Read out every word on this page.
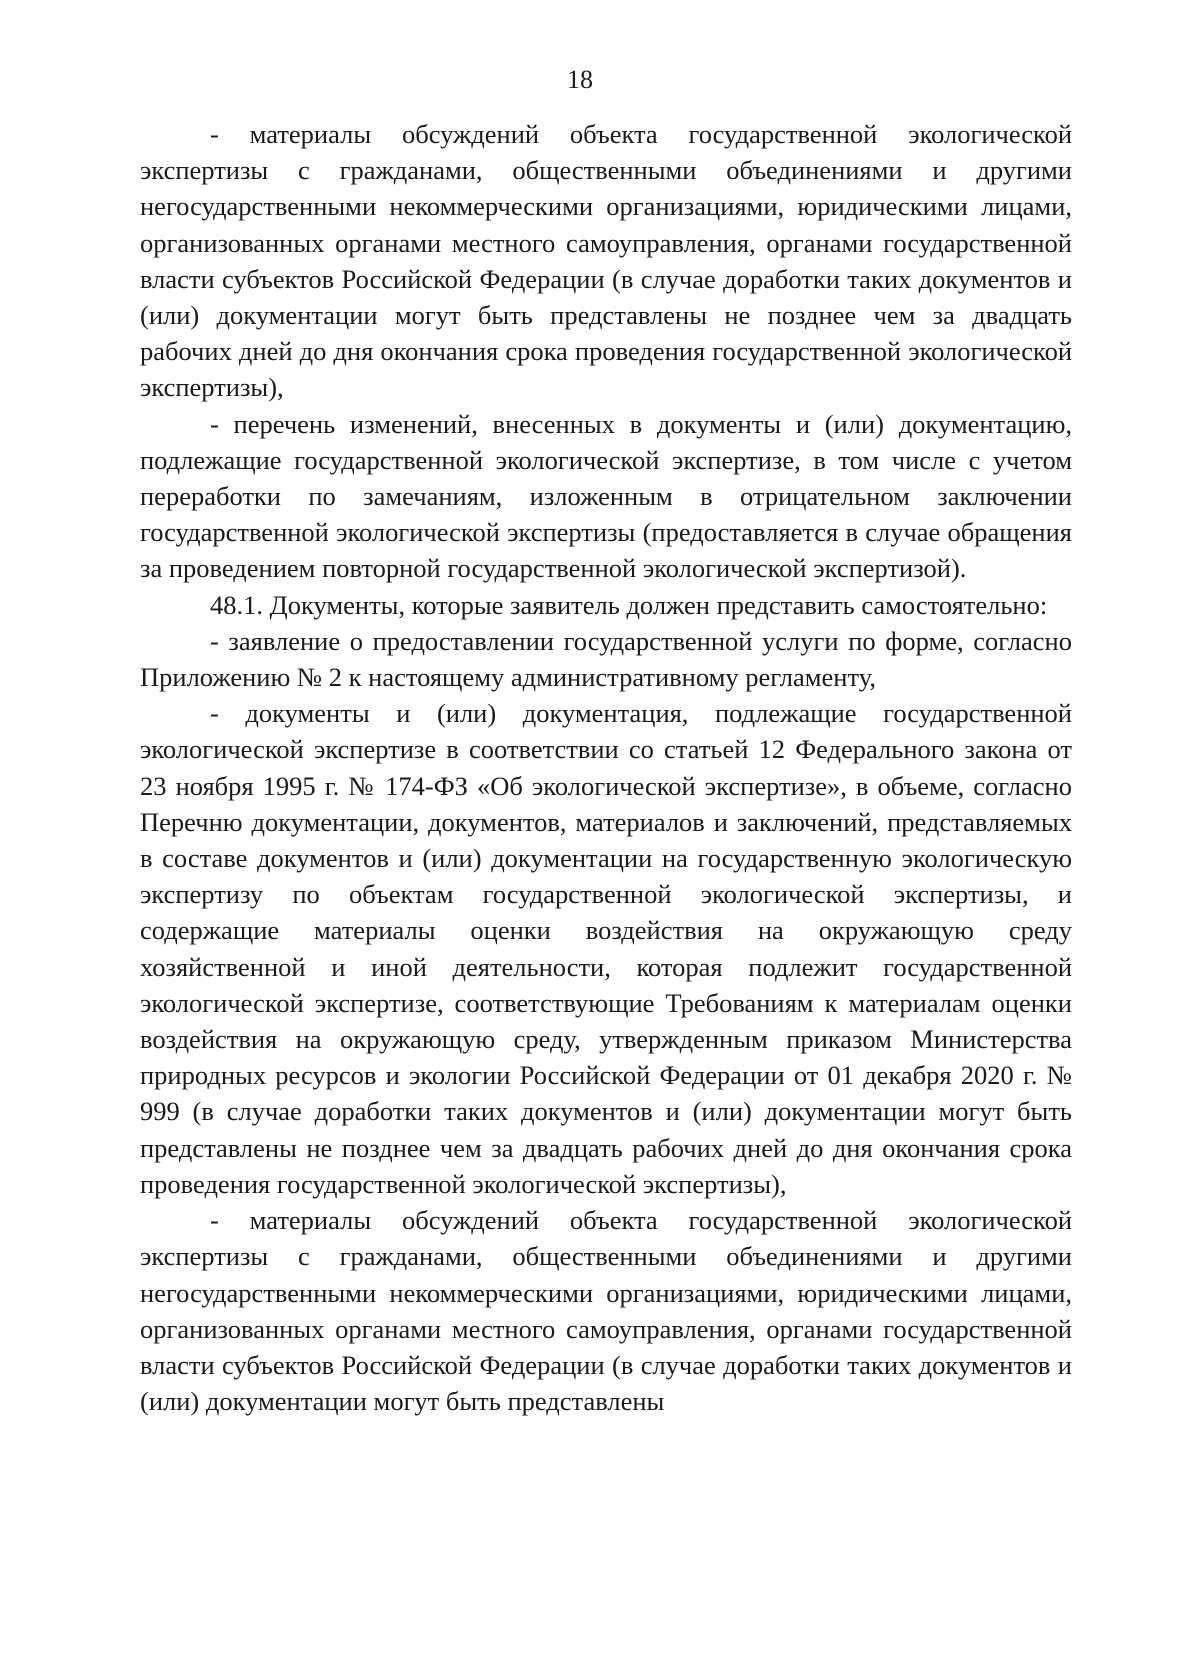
18

- материалы обсуждений объекта государственной экологической экспертизы с гражданами, общественными объединениями и другими негосударственными некоммерческими организациями, юридическими лицами, организованных органами местного самоуправления, органами государственной власти субъектов Российской Федерации (в случае доработки таких документов и (или) документации могут быть представлены не позднее чем за двадцать рабочих дней до дня окончания срока проведения государственной экологической экспертизы),

- перечень изменений, внесенных в документы и (или) документацию, подлежащие государственной экологической экспертизе, в том числе с учетом переработки по замечаниям, изложенным в отрицательном заключении государственной экологической экспертизы (предоставляется в случае обращения за проведением повторной государственной экологической экспертизой).

48.1. Документы, которые заявитель должен представить самостоятельно:

- заявление о предоставлении государственной услуги по форме, согласно Приложению № 2 к настоящему административному регламенту,

- документы и (или) документация, подлежащие государственной экологической экспертизе в соответствии со статьей 12 Федерального закона от 23 ноября 1995 г. № 174-ФЗ «Об экологической экспертизе», в объеме, согласно Перечню документации, документов, материалов и заключений, представляемых в составе документов и (или) документации на государственную экологическую экспертизу по объектам государственной экологической экспертизы, и содержащие материалы оценки воздействия на окружающую среду хозяйственной и иной деятельности, которая подлежит государственной экологической экспертизе, соответствующие Требованиям к материалам оценки воздействия на окружающую среду, утвержденным приказом Министерства природных ресурсов и экологии Российской Федерации от 01 декабря 2020 г. № 999 (в случае доработки таких документов и (или) документации могут быть представлены не позднее чем за двадцать рабочих дней до дня окончания срока проведения государственной экологической экспертизы),

- материалы обсуждений объекта государственной экологической экспертизы с гражданами, общественными объединениями и другими негосударственными некоммерческими организациями, юридическими лицами, организованных органами местного самоуправления, органами государственной власти субъектов Российской Федерации (в случае доработки таких документов и (или) документации могут быть представлены
